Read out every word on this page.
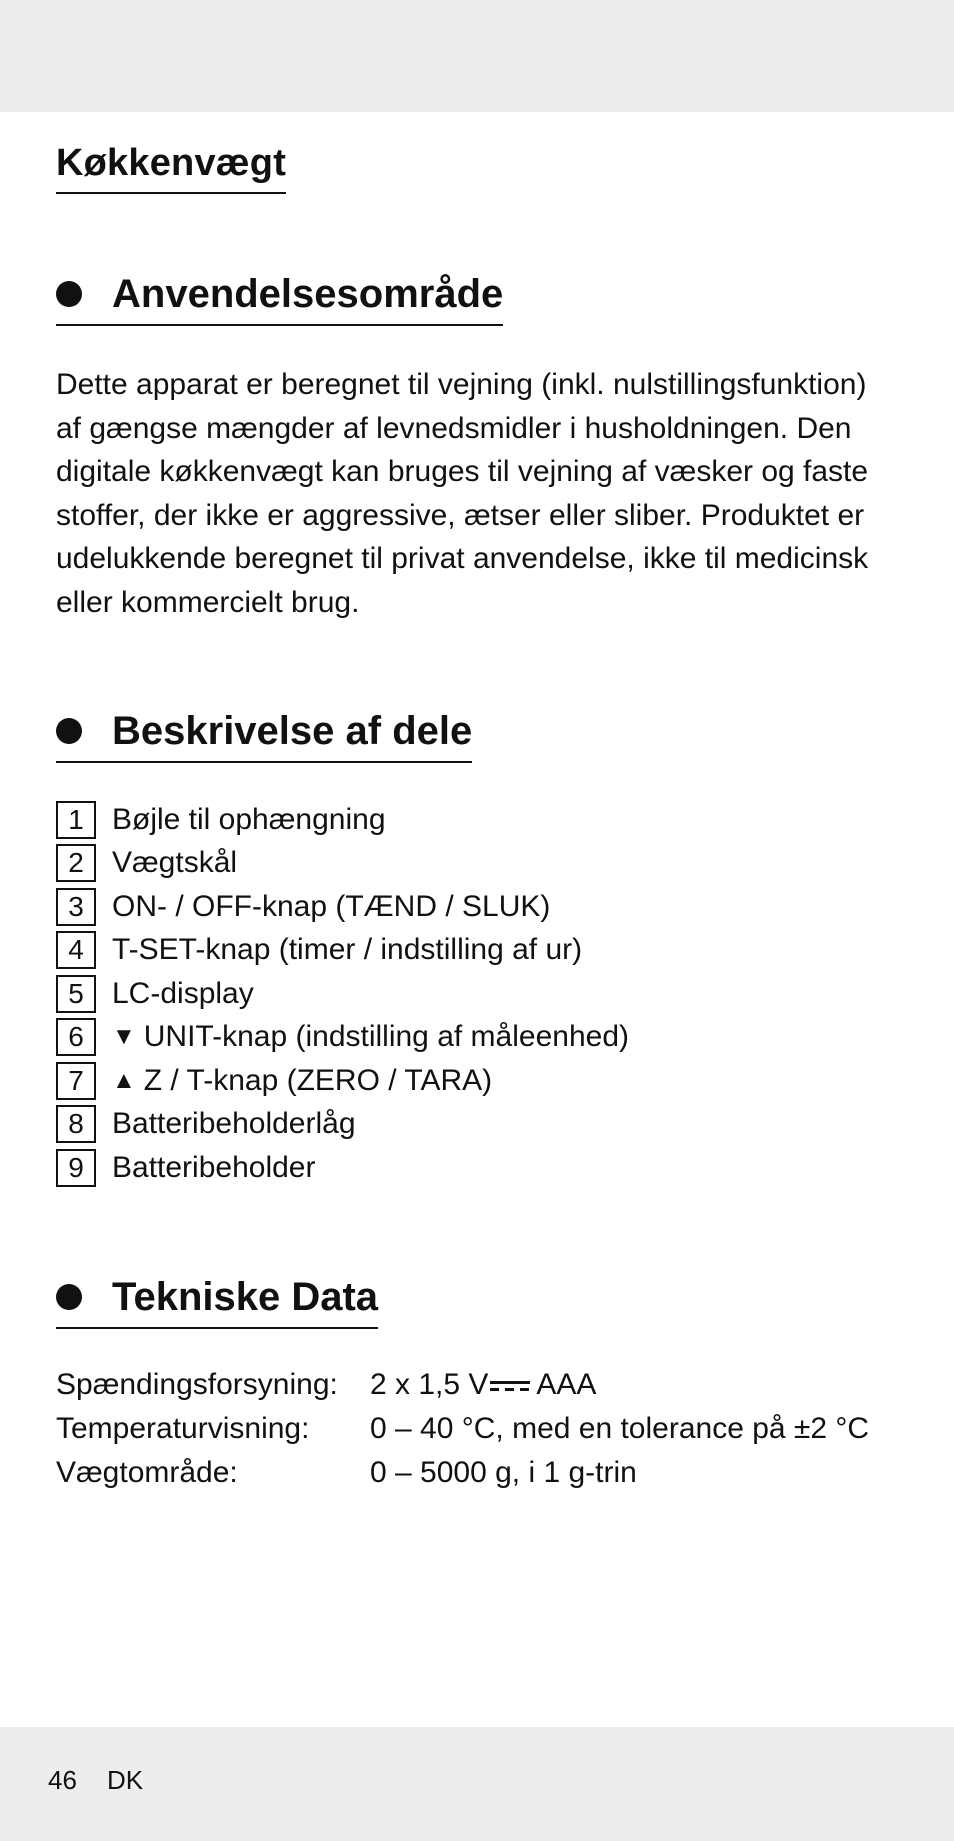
Køkkenvægt
Anvendelsesområde

Dette apparat er beregnet til vejning (inkl. nulstillingsfunktion)
af gængse mængder af levnedsmidler i husholdningen. Den
digitale køkkenvægt kan bruges til vejning af væsker og faste
stoffer, der ikke er aggressive, ætser eller sliber. Produktet er
udelukkende beregnet til privat anvendelse, ikke til medicinsk
eller kommercielt brug.

Beskrivelse af dele
1 Bøjle til ophængning
2 Vægtskål
3 ON- / OFF-knap (TÆND / SLUK)
4 T-SET-knap (timer / indstilling af ur)
5 LC-display
6	▼ UNIT-knap (indstilling af måleenhed)
7	▲ Z / T-knap (ZERO / TARA)
8 Batteribeholderlåg
9 Batteribeholder
Tekniske Data
Spændingsforsyning:	2 x 1,5 V AAA
Temperaturvisning:	0 – 40 °C, med en tolerance på ±2 °C
Vægtområde:	0 – 5000 g, i 1 g-trin
46 DK
